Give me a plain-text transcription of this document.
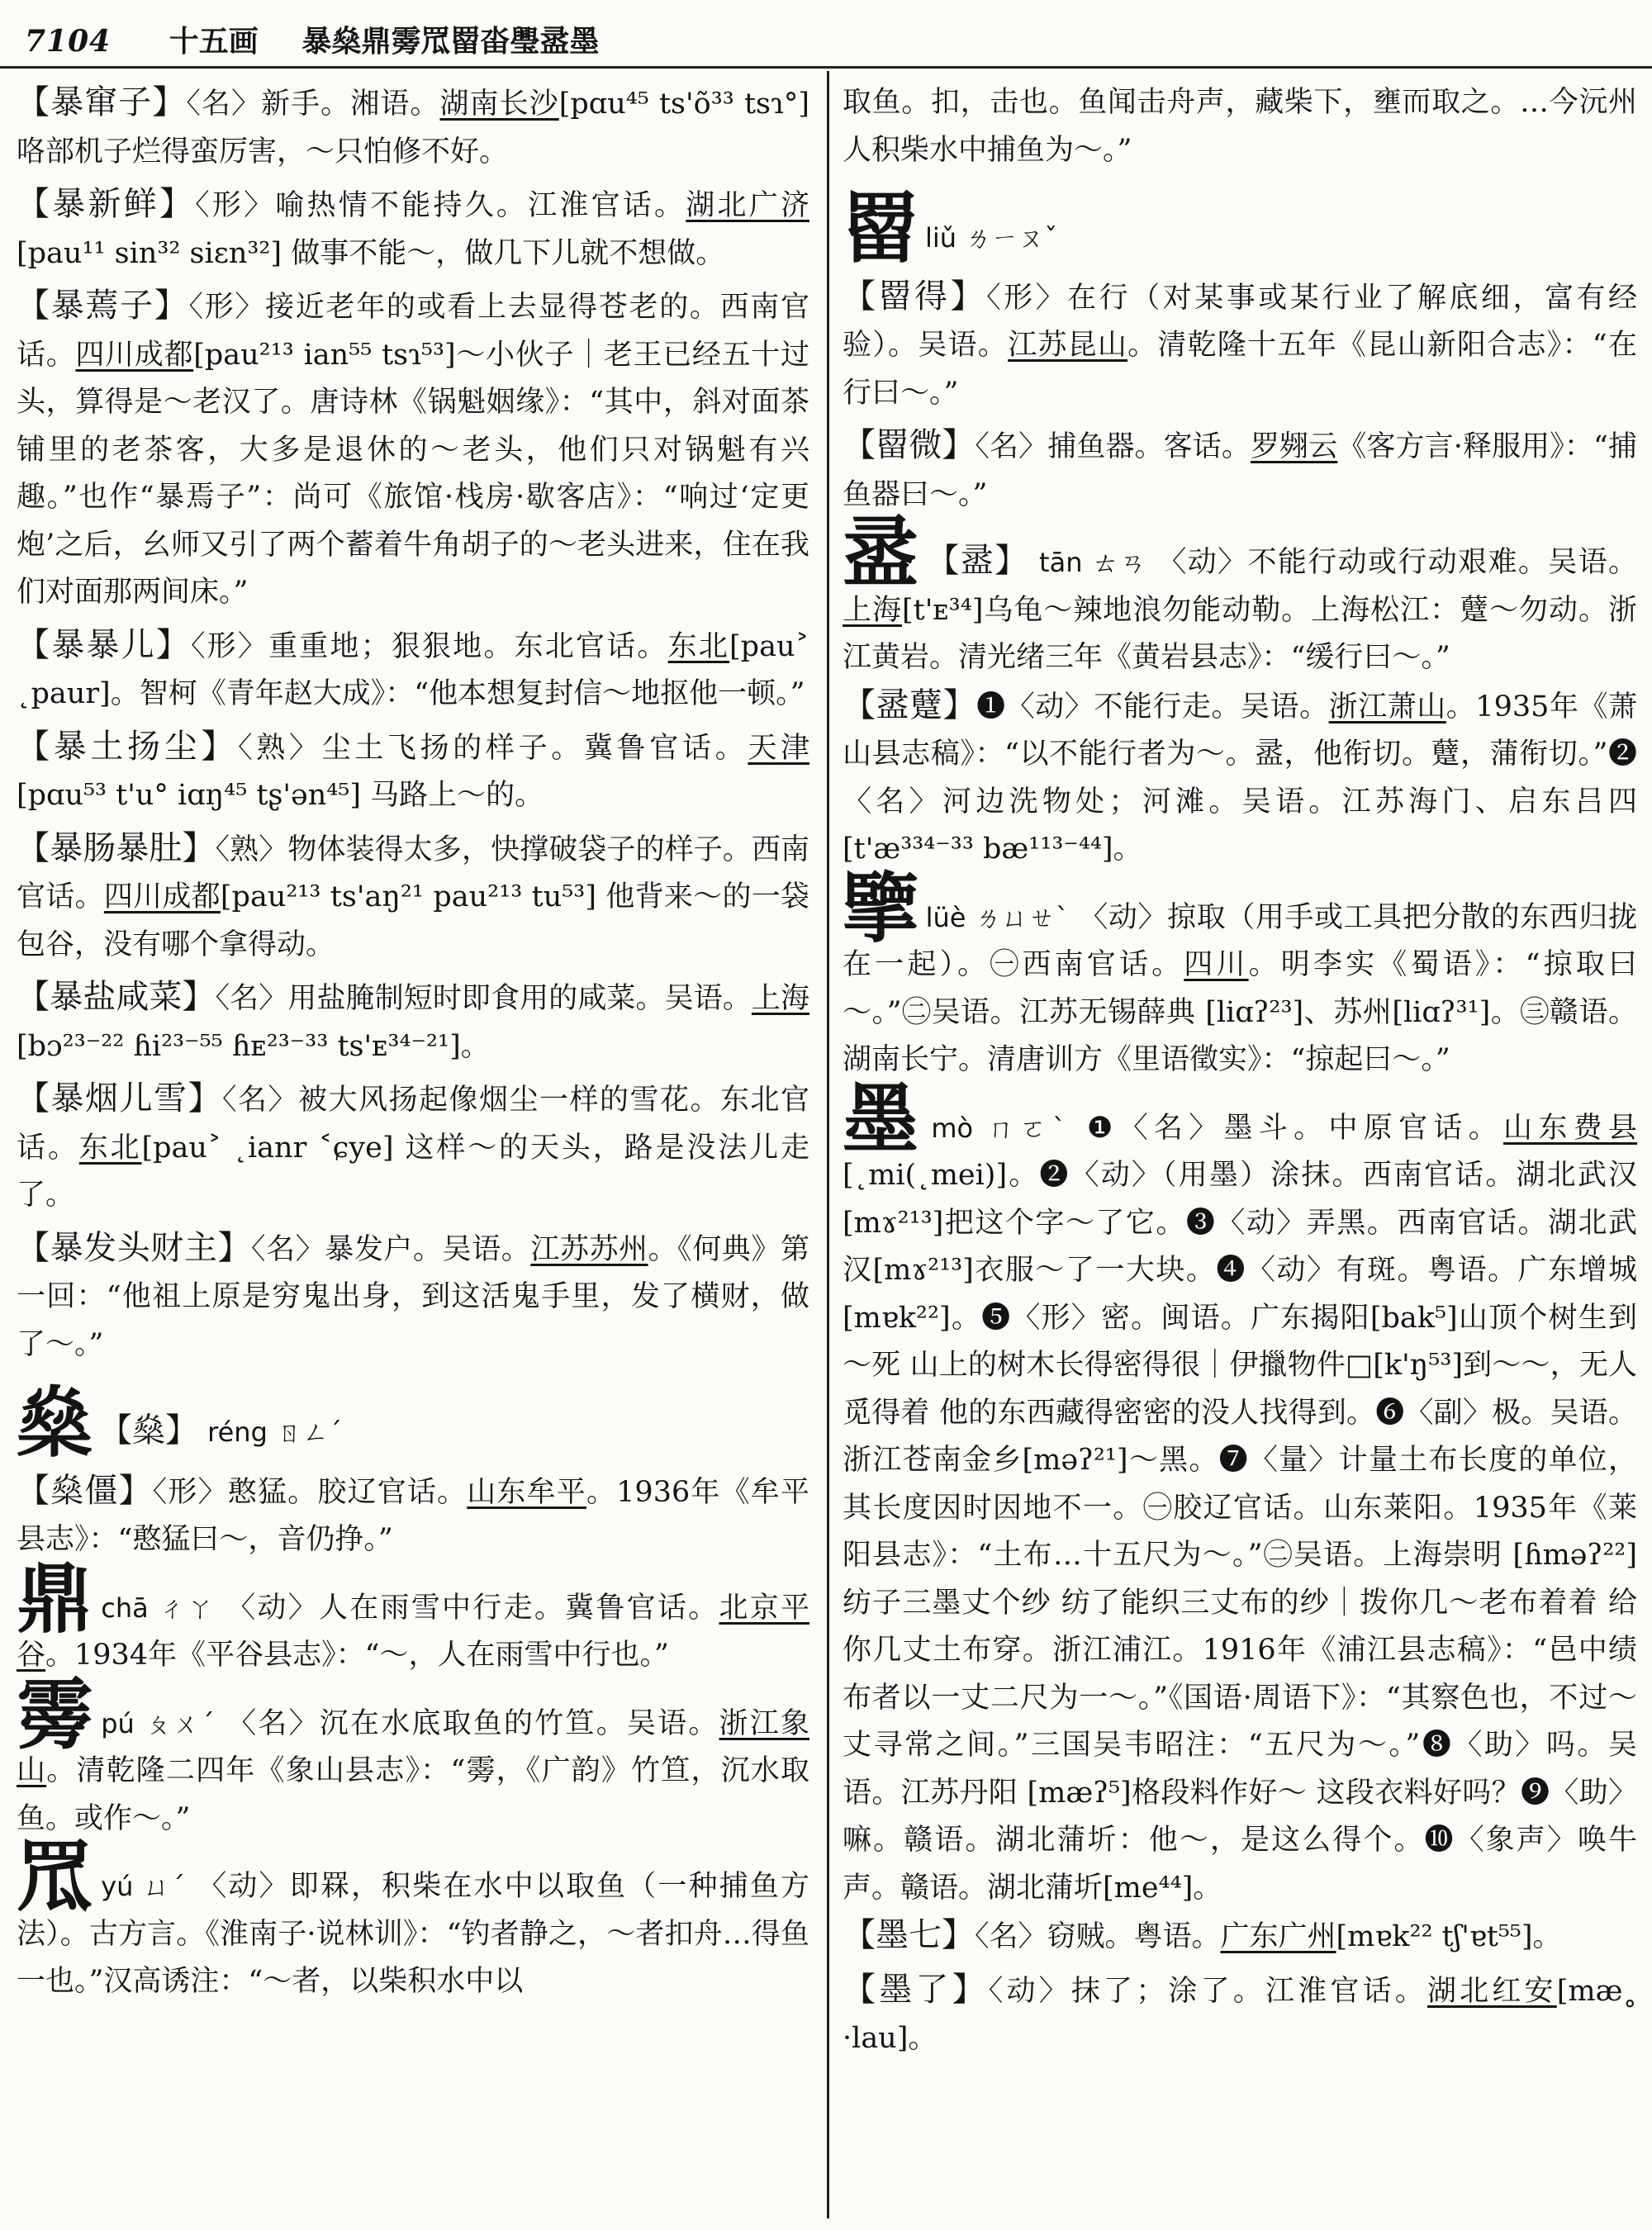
7104 十五画 暴燊鼎䨦罛罶畓璺盝墨
【暴窜子】〈名〉新手。湘语。湖南长沙[pɑu⁴⁵ ts'õ³³ tsɿ°] 咯部机子烂得蛮厉害，～只怕修不好。
【暴新鲜】〈形〉喻热情不能持久。江淮官话。湖北广济[pau¹¹ sin³² siɛn³²] 做事不能～，做几下儿就不想做。
【暴蔫子】〈形〉接近老年的或看上去显得苍老的。西南官话。四川成都[pau²¹³ ian⁵⁵ tsɿ⁵³]～小伙子｜老王已经五十过头，算得是～老汉了。唐诗林《锅魁姻缘》：“其中，斜对面茶铺里的老茶客，大多是退休的～老头，他们只对锅魁有兴趣。”也作“暴焉子”：尚可《旅馆·栈房·歇客店》：“响过‘定更炮’之后，幺师又引了两个蓄着牛角胡子的～老头进来，住在我们对面那两间床。”
【暴暴儿】〈形〉重重地；狠狠地。东北官话。东北[pau˃ ˛paur]。智柯《青年赵大成》：“他本想复封信～地抠他一顿。”
【暴土扬尘】〈熟〉尘土飞扬的样子。冀鲁官话。天津[pɑu⁵³ t'u° iɑŋ⁴⁵ tʂ'ən⁴⁵] 马路上～的。
【暴肠暴肚】〈熟〉物体装得太多，快撑破袋子的样子。西南官话。四川成都[pau²¹³ ts'aŋ²¹ pau²¹³ tu⁵³] 他背来～的一袋包谷，没有哪个拿得动。
【暴盐咸菜】〈名〉用盐腌制短时即食用的咸菜。吴语。上海[bɔ²³⁻²² ɦi²³⁻⁵⁵ ɦᴇ²³⁻³³ ts'ᴇ³⁴⁻²¹]。
【暴烟儿雪】〈名〉被大风扬起像烟尘一样的雪花。东北官话。东北[pau˃ ˛ianr ˂ɕye] 这样～的天头，路是没法儿走了。
【暴发头财主】〈名〉暴发户。吴语。江苏苏州。《何典》第一回：“他祖上原是穷鬼出身，到这活鬼手里，发了横财，做了～。”
燊 【燊】 réng ㄖㄥˊ
【燊僵】〈形〉憨猛。胶辽官话。山东牟平。1936年《牟平县志》：“憨猛曰～，音仍挣。”
鼎chā ㄔㄚ 〈动〉人在雨雪中行走。冀鲁官话。北京平谷。1934年《平谷县志》：“～，人在雨雪中行也。”
䨦pú ㄆㄨˊ 〈名〉沉在水底取鱼的竹笪。吴语。浙江象山。清乾隆二四年《象山县志》：“䨦，《广韵》竹笪，沉水取鱼。或作～。”
罛yú ㄩˊ 〈动〉即罧，积柴在水中以取鱼（一种捕鱼方法）。古方言。《淮南子·说林训》：“钓者静之，～者扣舟…得鱼一也。”汉高诱注：“～者，以柴积水中以
取鱼。扣，击也。鱼闻击舟声，藏柴下，壅而取之。…今沅州人积柴水中捕鱼为～。”
罶liǔ ㄌㄧㄡˇ
【罶得】〈形〉在行（对某事或某行业了解底细，富有经验）。吴语。江苏昆山。清乾隆十五年《昆山新阳合志》：“在行曰～。”
【罶微】〈名〉捕鱼器。客话。罗翙云《客方言·释服用》：“捕鱼器曰～。”
盝 【盝】 tān ㄊㄢ 〈动〉不能行动或行动艰难。吴语。上海[t'ᴇ³⁴]乌龟～辣地浪勿能动勒。上海松江：躠～勿动。浙江黄岩。清光绪三年《黄岩县志》：“缓行曰～。”
【盝躠】❶〈动〉不能行走。吴语。浙江萧山。1935年《萧山县志稿》：“以不能行者为～。盝，他衔切。躠，蒲衔切。”❷〈名〉河边洗物处；河滩。吴语。江苏海门、启东吕四[t'æ³³⁴⁻³³ bæ¹¹³⁻⁴⁴]。
擥lüè ㄌㄩㄝˋ 〈动〉掠取（用手或工具把分散的东西归拢在一起）。㊀西南官话。四川。明李实《蜀语》：“掠取曰～。”㊁吴语。江苏无锡薛典 [liɑʔ²³]、苏州[liɑʔ³¹]。㊂赣语。湖南长宁。清唐训方《里语徵实》：“掠起曰～。”
墨mò ㄇㄛˋ ❶〈名〉墨斗。中原官话。山东费县[˛mi(˛mei)]。❷〈动〉（用墨）涂抹。西南官话。湖北武汉[mɤ²¹³]把这个字～了它。❸〈动〉弄黑。西南官话。湖北武汉[mɤ²¹³]衣服～了一大块。❹〈动〉有斑。粤语。广东增城[mɐk²²]。❺〈形〉密。闽语。广东揭阳[bak⁵]山顶个树生到～死 山上的树木长得密得很｜伊擸物件□[k'ŋ⁵³]到～～，无人觅得着 他的东西藏得密密的没人找得到。❻〈副〉极。吴语。浙江苍南金乡[məʔ²¹]～黑。❼〈量〉计量土布长度的单位，其长度因时因地不一。㊀胶辽官话。山东莱阳。1935年《莱阳县志》：“土布…十五尺为～。”㊁吴语。上海崇明 [ɦməʔ²²]纺子三墨丈个纱 纺了能织三丈布的纱｜拨你几～老布着着 给你几丈土布穿。浙江浦江。1916年《浦江县志稿》：“邑中绩布者以一丈二尺为一～。”《国语·周语下》：“其察色也，不过～丈寻常之间。”三国吴韦昭注：“五尺为～。”❽〈助〉吗。吴语。江苏丹阳 [mæʔ⁵]格段料作好～ 这段衣料好吗？❾〈助〉嘛。赣语。湖北蒲圻：他～，是这么得个。❿〈象声〉唤牛声。赣语。湖北蒲圻[me⁴⁴]。
【墨七】〈名〉窃贼。粤语。广东广州[mɐk²² tʃ'ɐt⁵⁵]。
【墨了】〈动〉抹了；涂了。江淮官话。湖北红安[mæ˳ ·lau]。
